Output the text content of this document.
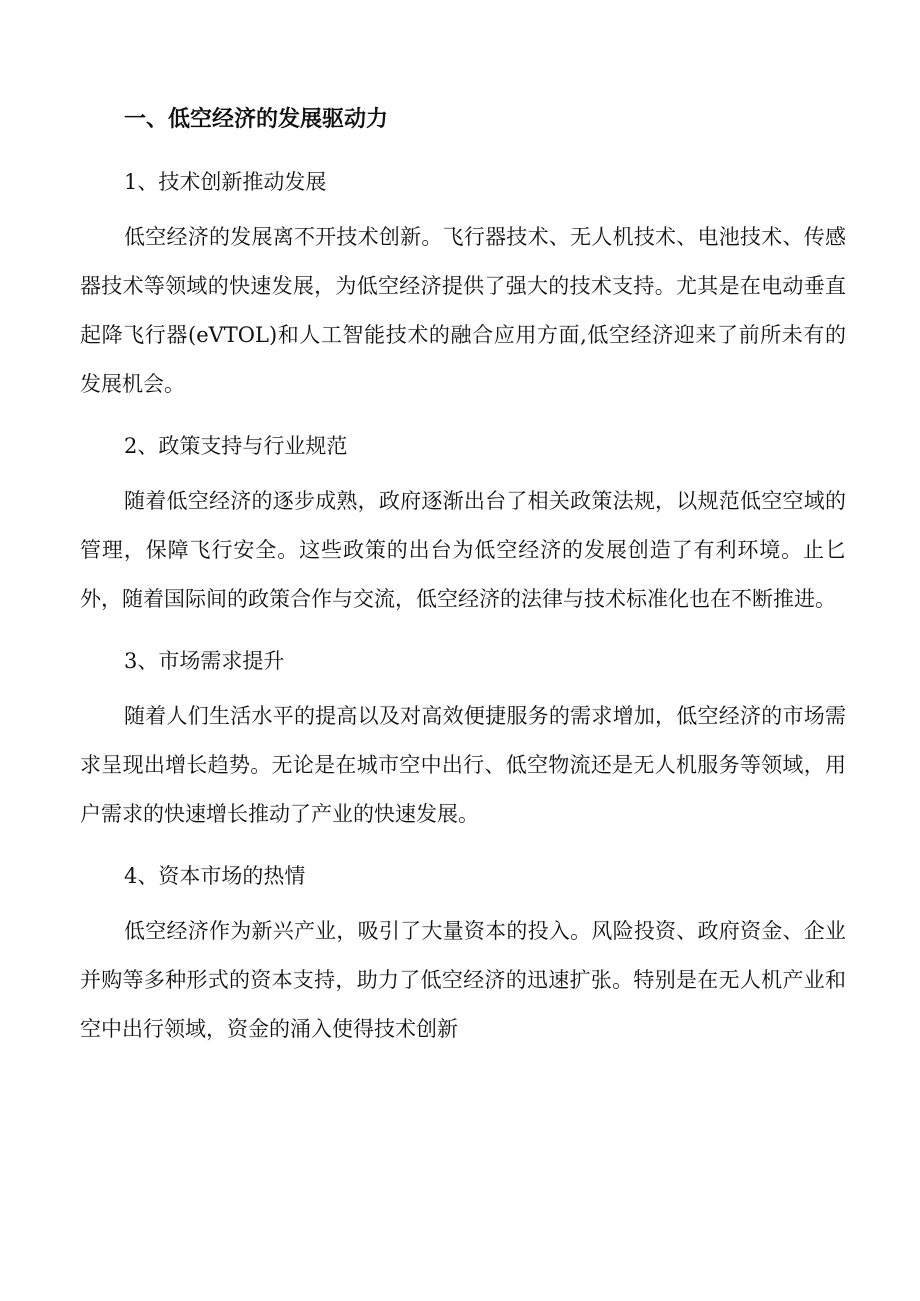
一、低空经济的发展驱动力
1、技术创新推动发展

低空经济的发展离不开技术创新。飞行器技术、无人机技术、电池技术、传感器技术等领域的快速发展，为低空经济提供了强大的技术支持。尤其是在电动垂直起降飞行器(eVTOL)和人工智能技术的融合应用方面,低空经济迎来了前所未有的发展机会。

2、政策支持与行业规范

随着低空经济的逐步成熟，政府逐渐出台了相关政策法规，以规范低空空域的管理，保障飞行安全。这些政策的出台为低空经济的发展创造了有利环境。止匕外，随着国际间的政策合作与交流，低空经济的法律与技术标准化也在不断推进。

3、市场需求提升

随着人们生活水平的提高以及对高效便捷服务的需求增加，低空经济的市场需求呈现出增长趋势。无论是在城市空中出行、低空物流还是无人机服务等领域，用户需求的快速增长推动了产业的快速发展。

4、资本市场的热情

低空经济作为新兴产业，吸引了大量资本的投入。风险投资、政府资金、企业并购等多种形式的资本支持，助力了低空经济的迅速扩张。特别是在无人机产业和空中出行领域，资金的涌入使得技术创新
